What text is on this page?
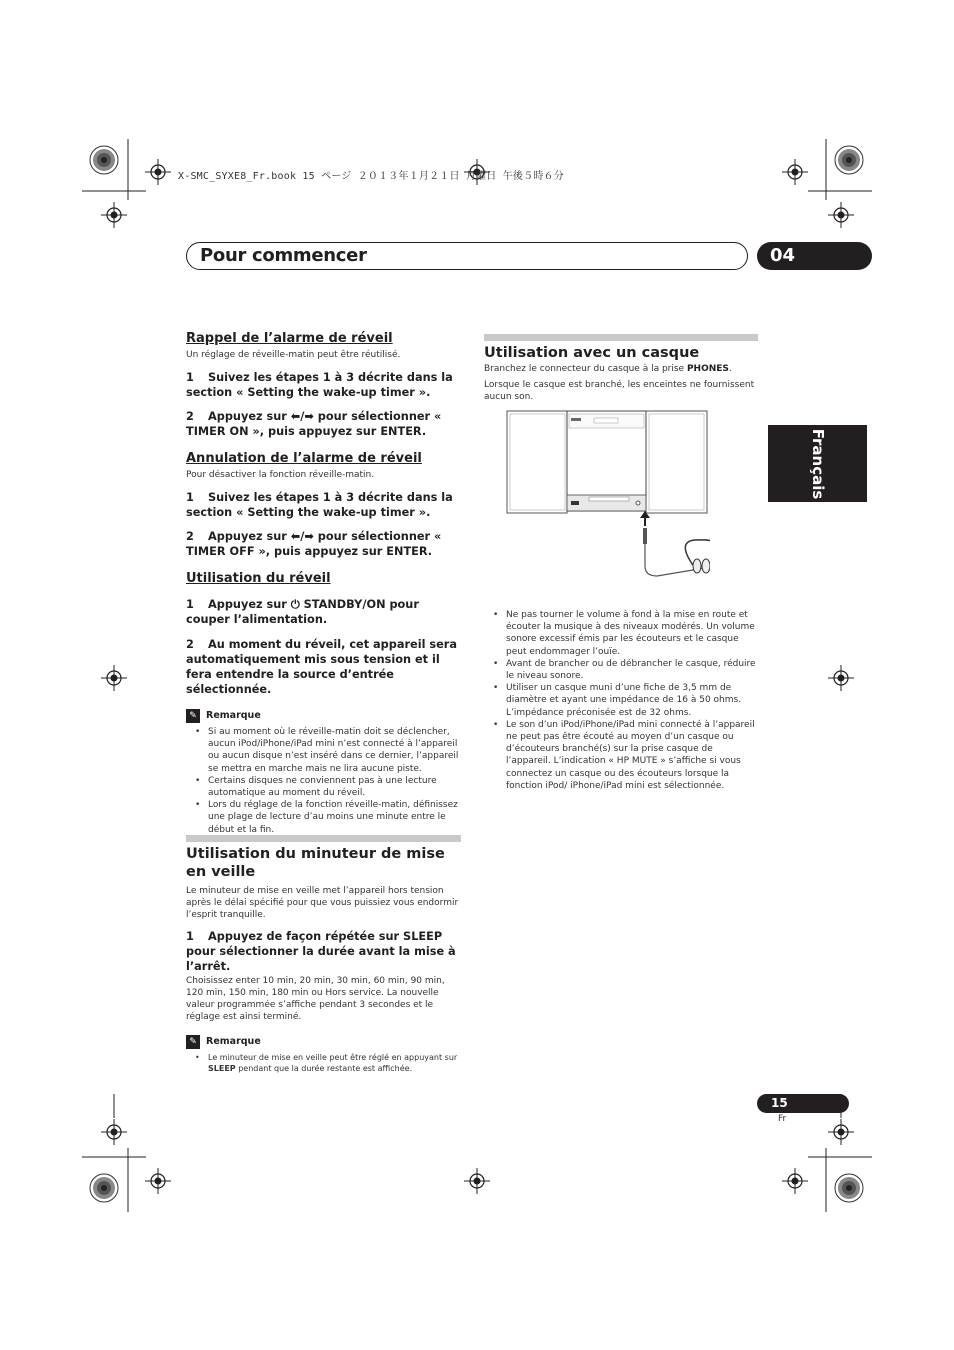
X-SMC_SYXE8_Fr.book 15 ページ ２０１３年１月２１日 月曜日 午後５時６分
Pour commencer	04
Français
Rappel de l’alarme de réveil
Un réglage de réveille-matin peut être réutilisé.
1 Suivez les étapes 1 à 3 décrite dans la section « Setting the wake-up timer ».
2 Appuyez sur ⬅/➡ pour sélectionner « TIMER ON », puis appuyez sur ENTER.
Annulation de l’alarme de réveil
Pour désactiver la fonction réveille-matin.
1 Suivez les étapes 1 à 3 décrite dans la section « Setting the wake-up timer ».
2 Appuyez sur ⬅/➡ pour sélectionner « TIMER OFF », puis appuyez sur ENTER.
Utilisation du réveil
1 Appuyez sur ⏻ STANDBY/ON pour couper l’alimentation.
2 Au moment du réveil, cet appareil sera automatiquement mis sous tension et il fera entendre la source d’entrée sélectionnée.
✎ Remarque
• Si au moment où le réveille-matin doit se déclencher, aucun iPod/iPhone/iPad mini n’est connecté à l’appareil ou aucun disque n’est inséré dans ce dernier, l’appareil se mettra en marche mais ne lira aucune piste.
• Certains disques ne conviennent pas à une lecture automatique au moment du réveil.
• Lors du réglage de la fonction réveille-matin, définissez une plage de lecture d’au moins une minute entre le début et la fin.
Utilisation du minuteur de mise en veille
Le minuteur de mise en veille met l’appareil hors tension après le délai spécifié pour que vous puissiez vous endormir l’esprit tranquille.
1 Appuyez de façon répétée sur SLEEP pour sélectionner la durée avant la mise à l’arrêt.
Choisissez enter 10 min, 20 min, 30 min, 60 min, 90 min, 120 min, 150 min, 180 min ou Hors service. La nouvelle valeur programmée s’affiche pendant 3 secondes et le réglage est ainsi terminé.
✎ Remarque
• Le minuteur de mise en veille peut être réglé en appuyant sur SLEEP pendant que la durée restante est affichée.
Utilisation avec un casque
Branchez le connecteur du casque à la prise PHONES.
Lorsque le casque est branché, les enceintes ne fournissent aucun son.
• Ne pas tourner le volume à fond à la mise en route et écouter la musique à des niveaux modérés. Un volume sonore excessif émis par les écouteurs et le casque peut endommager l’ouïe.
• Avant de brancher ou de débrancher le casque, réduire le niveau sonore.
• Utiliser un casque muni d’une fiche de 3,5 mm de diamètre et ayant une impédance de 16 à 50 ohms. L’impédance préconisée est de 32 ohms.
• Le son d’un iPod/iPhone/iPad mini connecté à l’appareil ne peut pas être écouté au moyen d’un casque ou d’écouteurs branché(s) sur la prise casque de l’appareil. L’indication « HP MUTE » s’affiche si vous connectez un casque ou des écouteurs lorsque la fonction iPod/ iPhone/iPad mini est sélectionnée.
15
Fr
